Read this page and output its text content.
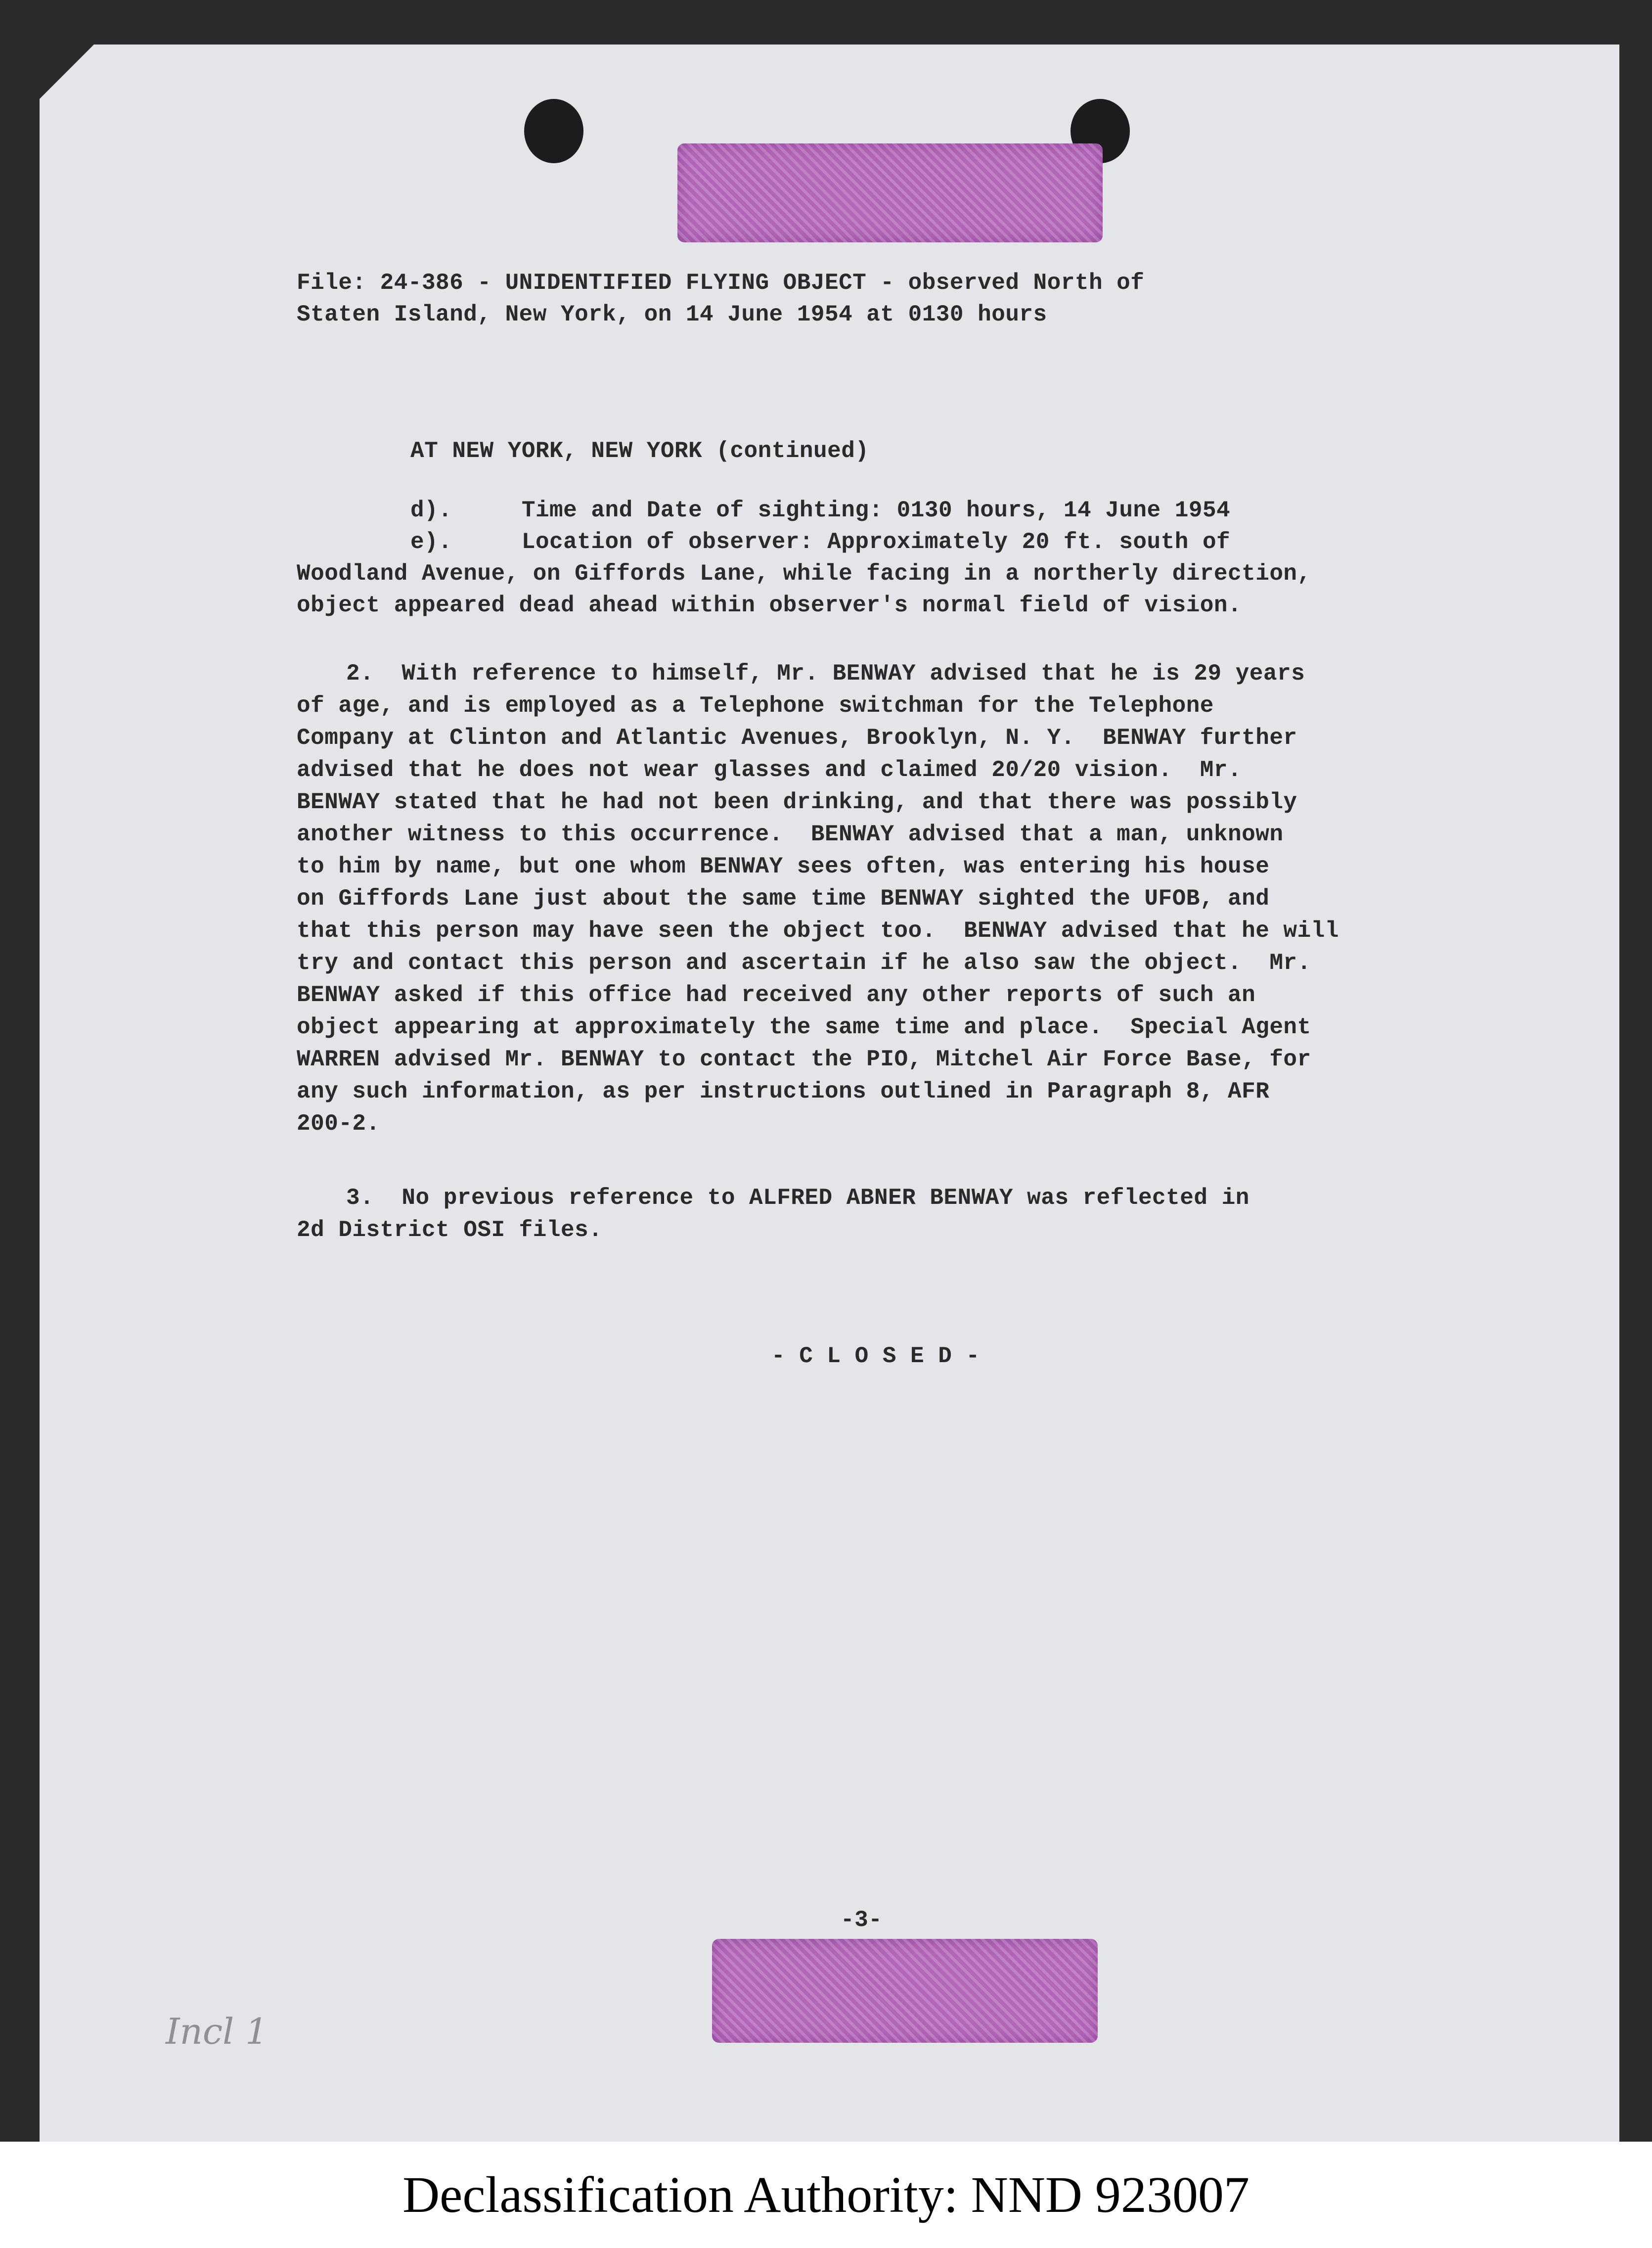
File: 24-386 - UNIDENTIFIED FLYING OBJECT - observed North of
Staten Island, New York, on 14 June 1954 at 0130 hours
AT NEW YORK, NEW YORK (continued)
d).     Time and Date of sighting: 0130 hours, 14 June 1954
e).     Location of observer: Approximately 20 ft. south of
Woodland Avenue, on Giffords Lane, while facing in a northerly direction,
object appeared dead ahead within observer's normal field of vision.
2.  With reference to himself, Mr. BENWAY advised that he is 29 years
of age, and is employed as a Telephone switchman for the Telephone
Company at Clinton and Atlantic Avenues, Brooklyn, N. Y.  BENWAY further
advised that he does not wear glasses and claimed 20/20 vision.  Mr.
BENWAY stated that he had not been drinking, and that there was possibly
another witness to this occurrence.  BENWAY advised that a man, unknown
to him by name, but one whom BENWAY sees often, was entering his house
on Giffords Lane just about the same time BENWAY sighted the UFOB, and
that this person may have seen the object too.  BENWAY advised that he will
try and contact this person and ascertain if he also saw the object.  Mr.
BENWAY asked if this office had received any other reports of such an
object appearing at approximately the same time and place.  Special Agent
WARREN advised Mr. BENWAY to contact the PIO, Mitchel Air Force Base, for
any such information, as per instructions outlined in Paragraph 8, AFR
200-2.
3.  No previous reference to ALFRED ABNER BENWAY was reflected in
2d District OSI files.
- C L O S E D -
-3-
Incl 1
Declassification Authority: NND 923007
